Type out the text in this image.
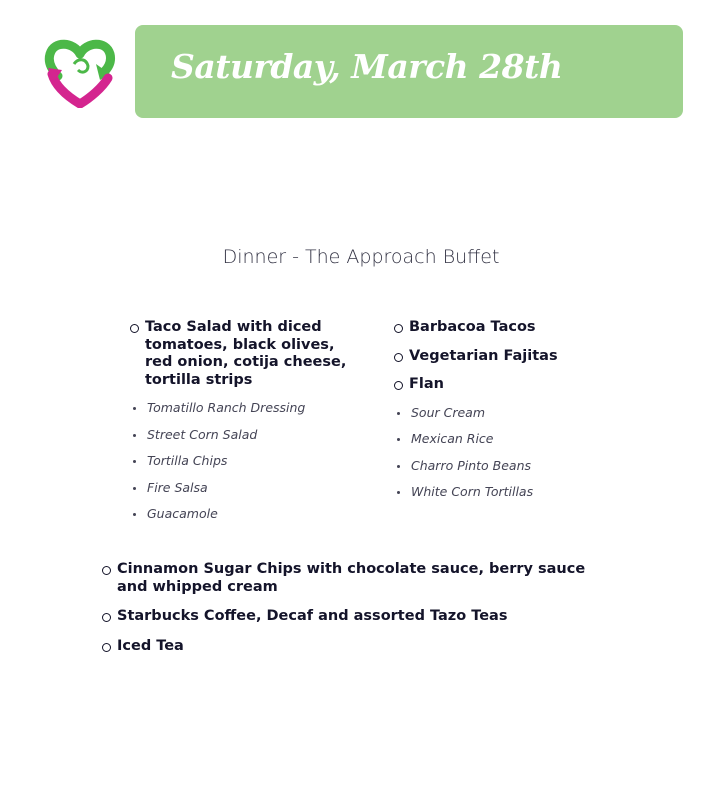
Saturday, March 28th
Dinner - The Approach Buffet
Taco Salad with diced tomatoes, black olives, red onion, cotija cheese, tortilla strips
Tomatillo Ranch Dressing
Street Corn Salad
Tortilla Chips
Fire Salsa
Guacamole
Barbacoa Tacos
Vegetarian Fajitas
Flan
Sour Cream
Mexican Rice
Charro Pinto Beans
White Corn Tortillas
Cinnamon Sugar Chips with chocolate sauce, berry sauce and whipped cream
Starbucks Coffee, Decaf and assorted Tazo Teas
Iced Tea
